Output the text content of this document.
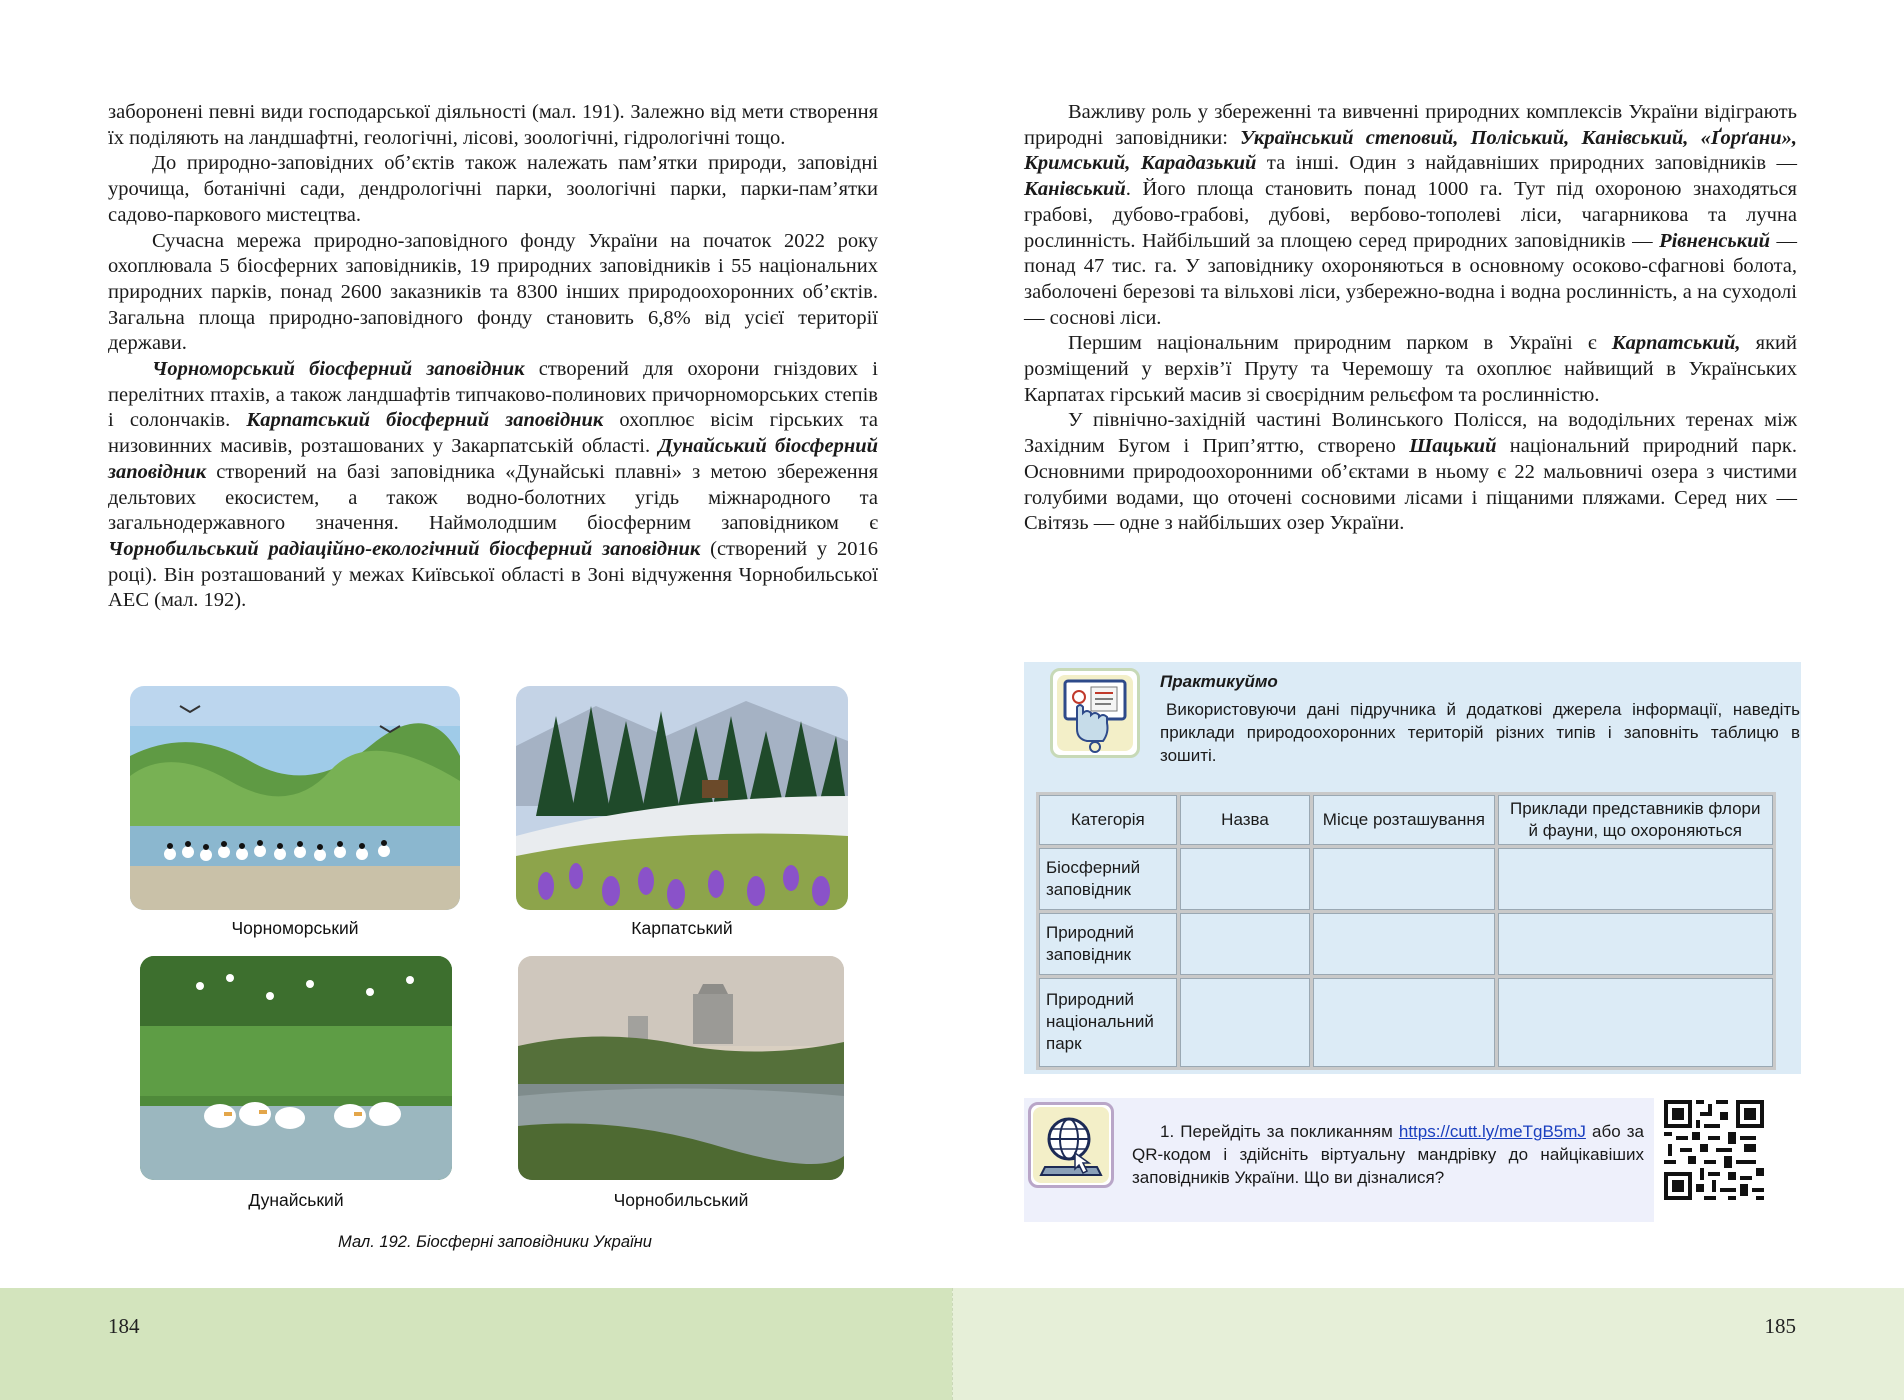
заборонені певні види господарської діяльності (мал. 191). Залежно від мети створення їх поділяють на ландшафтні, геологічні, лісові, зоологічні, гідрологічні тощо.

До природно-заповідних об’єктів також належать пам’ятки природи, заповідні урочища, ботанічні сади, дендрологічні парки, зоологічні парки, парки-пам’ятки садово-паркового мистецтва.

Сучасна мережа природно-заповідного фонду України на початок 2022 року охоплювала 5 біосферних заповідників, 19 природних заповідників і 55 національних природних парків, понад 2600 заказників та 8300 інших природоохоронних об’єктів. Загальна площа природно-заповідного фонду становить 6,8% від усієї території держави.

Чорноморський біосферний заповідник створений для охорони гніздових і перелітних птахів, а також ландшафтів типчаково-полинових причорноморських степів і солончаків. Карпатський біосферний заповідник охоплює вісім гірських та низовинних масивів, розташованих у Закарпатській області. Дунайський біосферний заповідник створений на базі заповідника «Дунайські плавні» з метою збереження дельтових екосистем, а також водно-болотних угідь міжнародного та загальнодержавного значення. Наймолодшим біосферним заповідником є Чорнобильський радіаційно-екологічний біосферний заповідник (створений у 2016 році). Він розташований у межах Київської області в Зоні відчуження Чорнобильської АЕС (мал. 192).

Чорноморський	Карпатський
Дунайський	Чорнобильський
Мал. 192. Біосферні заповідники України
184

Важливу роль у збереженні та вивченні природних комплексів України відіграють природні заповідники: Український степовий, Поліський, Канівський, «Ґорґани», Кримський, Карадазький та інші. Один з найдавніших природних заповідників — Канівський. Його площа становить понад 1000 га. Тут під охороною знаходяться грабові, дубово-грабові, дубові, вербово-тополеві ліси, чагарникова та лучна рослинність. Найбільший за площею серед природних заповідників — Рівненський — понад 47 тис. га. У заповіднику охороняються в основному осоково-сфагнові болота, заболочені березові та вільхові ліси, узбережно-водна і водна рослинність, а на суходолі — соснові ліси.

Першим національним природним парком в Україні є Карпатський, який розміщений у верхів’ї Пруту та Черемошу та охоплює найвищий в Українських Карпатах гірський масив зі своєрідним рельєфом та рослинністю.

У північно-західній частині Волинського Полісся, на вододільних теренах між Західним Бугом і Прип’яттю, створено Шацький національний природний парк. Основними природоохоронними об’єктами в ньому є 22 мальовничі озера з чистими голубими водами, що оточені сосновими лісами і піщаними пляжами. Серед них — Світязь — одне з найбільших озер України.

Практикуймо
Використовуючи дані підручника й додаткові джерела інформації, наведіть приклади природоохоронних територій різних типів і заповніть таблицю в зошиті.
Категорія	Назва	Місце розташування	Приклади представників флори й фауни, що охороняються
Біосферний заповідник			
Природний заповідник			
Природний національний парк			
1. Перейдіть за покликанням https://cutt.ly/meTgB5mJ або за QR-кодом і здійсніть віртуальну мандрівку до найцікавіших заповідників України. Що ви дізналися?
185
